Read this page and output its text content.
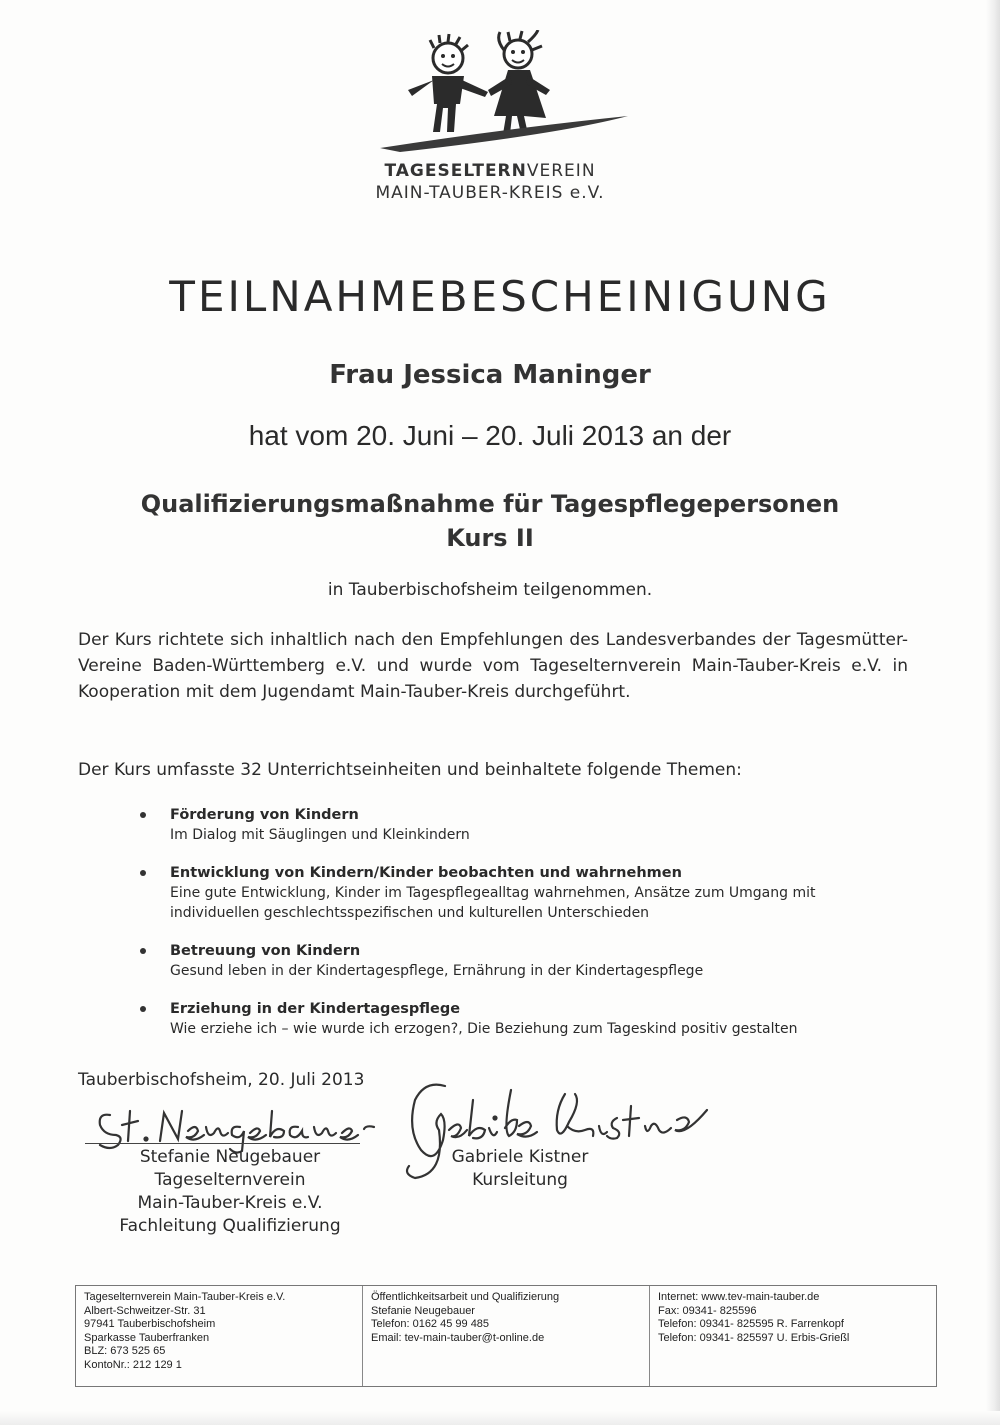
TAGESELTERNVEREIN
MAIN-TAUBER-KREIS e.V.
TEILNAHMEBESCHEINIGUNG
Frau Jessica Maninger
hat vom 20. Juni – 20. Juli 2013 an der
Qualifizierungsmaßnahme für Tagespflegepersonen
Kurs II
in Tauberbischofsheim teilgenommen.
Der Kurs richtete sich inhaltlich nach den Empfehlungen des Landesverbandes der Tagesmütter-Vereine Baden-Württemberg e.V. und wurde vom Tageselternverein Main-Tauber-Kreis e.V. in Kooperation mit dem Jugendamt Main-Tauber-Kreis durchgeführt.
Der Kurs umfasste 32 Unterrichtseinheiten und beinhaltete folgende Themen:
Förderung von Kindern
Im Dialog mit Säuglingen und Kleinkindern
Entwicklung von Kindern/Kinder beobachten und wahrnehmen
Eine gute Entwicklung, Kinder im Tagespflegealltag wahrnehmen, Ansätze zum Umgang mit individuellen geschlechtsspezifischen und kulturellen Unterschieden
Betreuung von Kindern
Gesund leben in der Kindertagespflege, Ernährung in der Kindertagespflege
Erziehung in der Kindertagespflege
Wie erziehe ich – wie wurde ich erzogen?, Die Beziehung zum Tageskind positiv gestalten
Tauberbischofsheim, 20. Juli 2013
Stefanie Neugebauer
Tageselternverein
Main-Tauber-Kreis e.V.
Fachleitung Qualifizierung
Gabriele Kistner
Kursleitung
Tageselternverein Main-Tauber-Kreis e.V.
Albert-Schweitzer-Str. 31
97941 Tauberbischofsheim
Sparkasse Tauberfranken
BLZ: 673 525 65
KontoNr.: 212 129 1
Öffentlichkeitsarbeit und Qualifizierung
Stefanie Neugebauer
Telefon: 0162 45 99 485
Email: tev-main-tauber@t-online.de
Internet: www.tev-main-tauber.de
Fax: 09341- 825596
Telefon: 09341- 825595 R. Farrenkopf
Telefon: 09341- 825597 U. Erbis-Grießl
